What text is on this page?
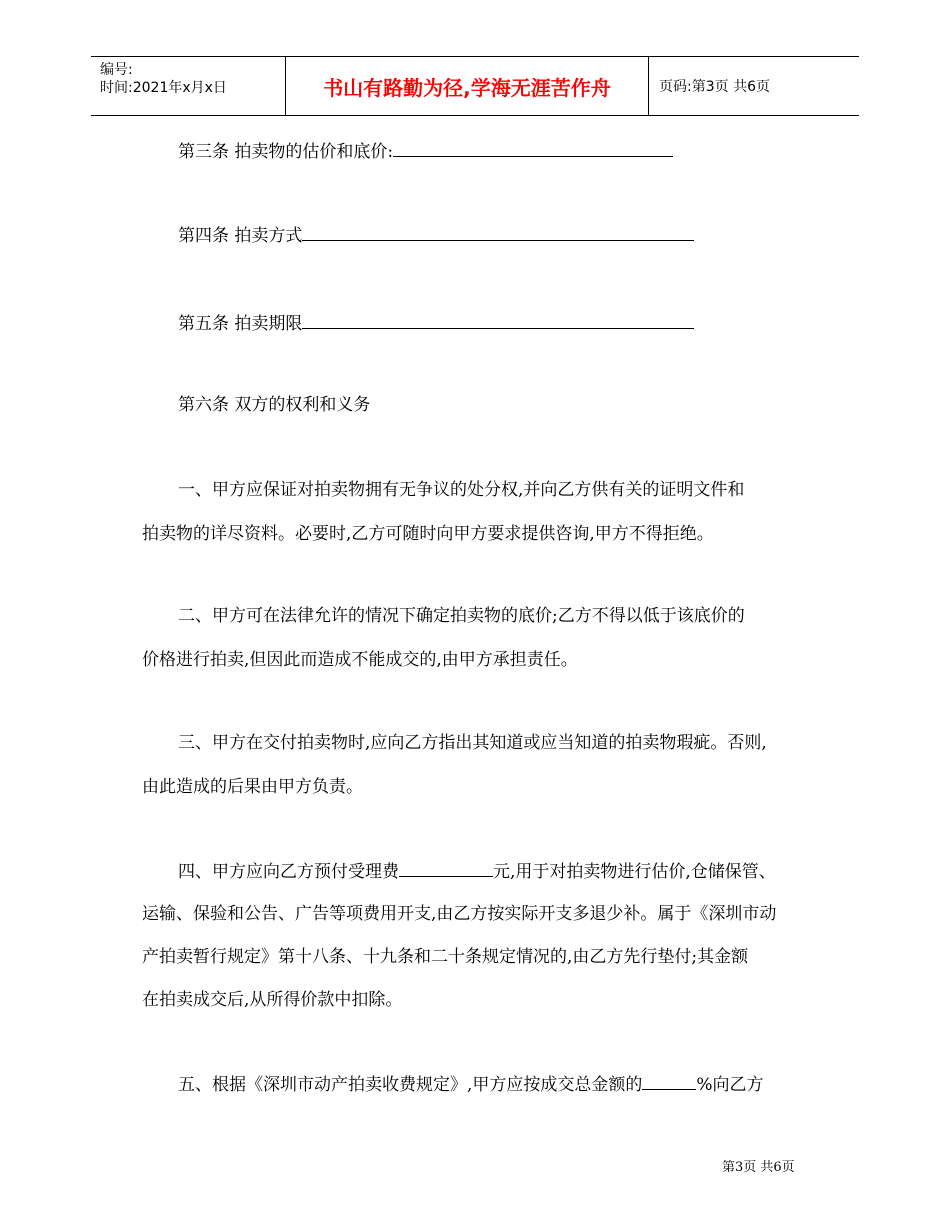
编号:
时间:2021年x月x日	书山有路勤为径,学海无涯苦作舟	页码:第3页 共6页
第三条 拍卖物的估价和底价:
第四条 拍卖方式
第五条 拍卖期限
第六条 双方的权利和义务
一、甲方应保证对拍卖物拥有无争议的处分权,并向乙方供有关的证明文件和
拍卖物的详尽资料。必要时,乙方可随时向甲方要求提供咨询,甲方不得拒绝。
二、甲方可在法律允许的情况下确定拍卖物的底价;乙方不得以低于该底价的
价格进行拍卖,但因此而造成不能成交的,由甲方承担责任。
三、甲方在交付拍卖物时,应向乙方指出其知道或应当知道的拍卖物瑕疵。否则,
由此造成的后果由甲方负责。
四、甲方应向乙方预付受理费	元,用于对拍卖物进行估价,仓储保管、
运输、保验和公告、广告等项费用开支,由乙方按实际开支多退少补。属于《深圳市动
产拍卖暂行规定》第十八条、十九条和二十条规定情况的,由乙方先行垫付;其金额
在拍卖成交后,从所得价款中扣除。
五、根据《深圳市动产拍卖收费规定》,甲方应按成交总金额的	%向乙方
第3页 共6页
